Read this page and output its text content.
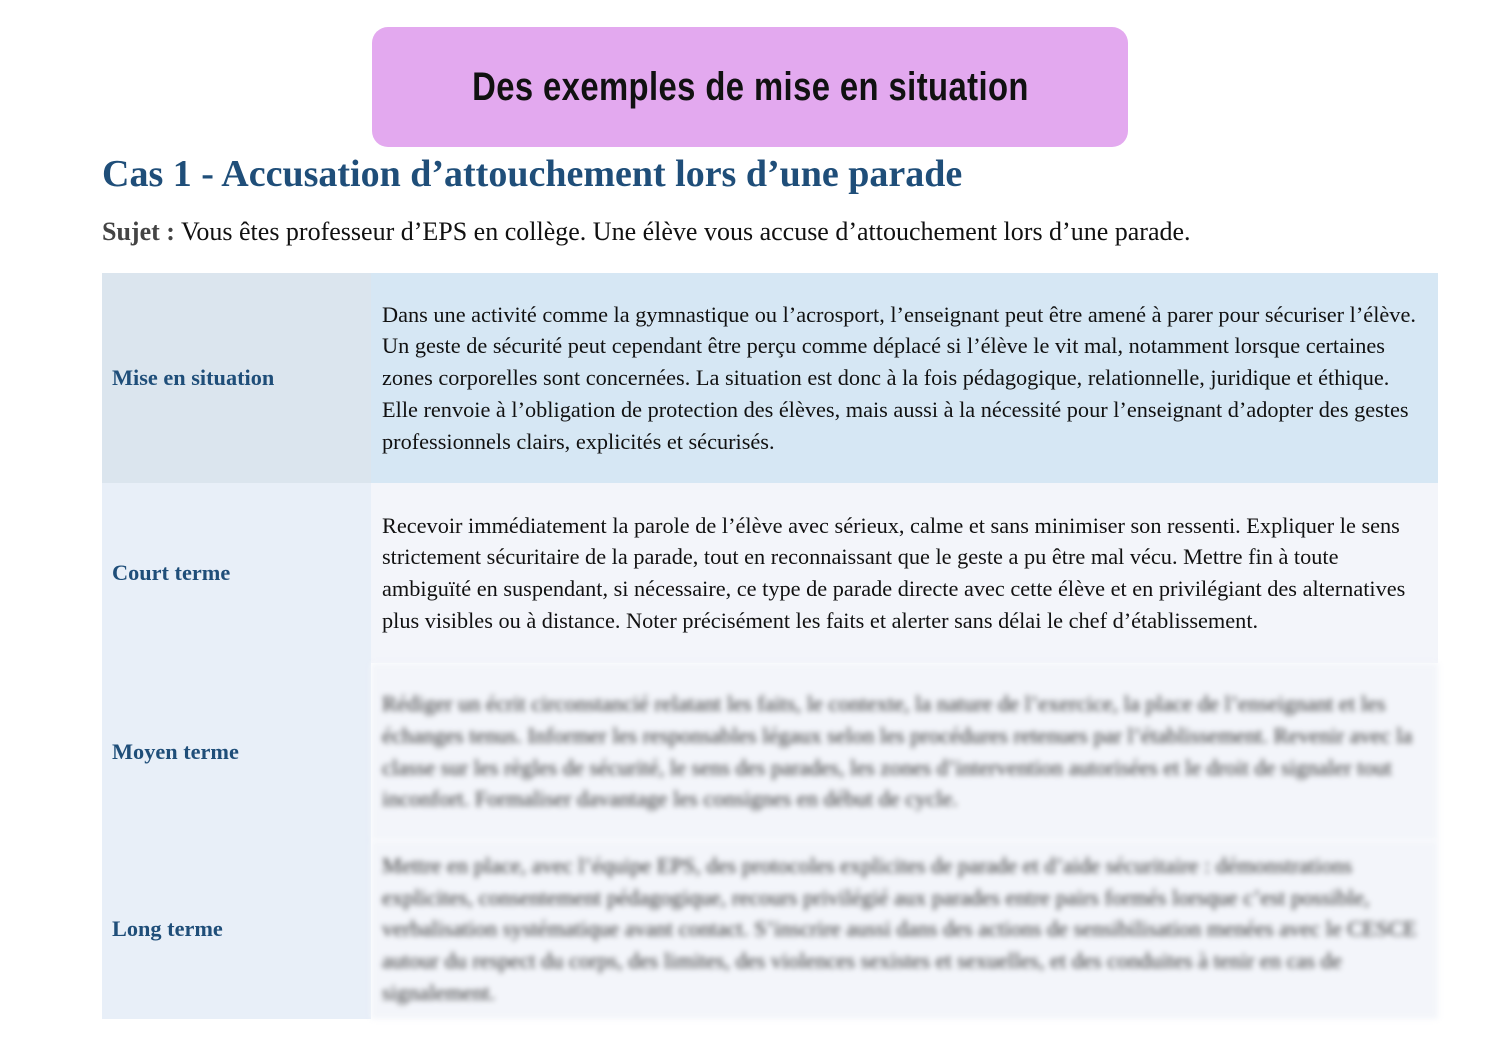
Des exemples de mise en situation
Cas 1 - Accusation d’attouchement lors d’une parade
Sujet : Vous êtes professeur d’EPS en collège. Une élève vous accuse d’attouchement lors d’une parade.
Mise en situation	Dans une activité comme la gymnastique ou l’acrosport, l’enseignant peut être amené à parer pour sécuriser l’élève. Un geste de sécurité peut cependant être perçu comme déplacé si l’élève le vit mal, notamment lorsque certaines zones corporelles sont concernées. La situation est donc à la fois pédagogique, relationnelle, juridique et éthique. Elle renvoie à l’obligation de protection des élèves, mais aussi à la nécessité pour l’enseignant d’adopter des gestes professionnels clairs, explicités et sécurisés.
Court terme	Recevoir immédiatement la parole de l’élève avec sérieux, calme et sans minimiser son ressenti. Expliquer le sens strictement sécuritaire de la parade, tout en reconnaissant que le geste a pu être mal vécu. Mettre fin à toute ambiguïté en suspendant, si nécessaire, ce type de parade directe avec cette élève et en privilégiant des alternatives plus visibles ou à distance. Noter précisément les faits et alerter sans délai le chef d’établissement.
Moyen terme	Rédiger un écrit circonstancié relatant les faits, le contexte, la nature de l’exercice, la place de l’enseignant et les échanges tenus. Informer les responsables légaux selon les procédures retenues par l’établissement. Revenir avec la classe sur les règles de sécurité, le sens des parades, les zones d’intervention autorisées et le droit de signaler tout inconfort. Formaliser davantage les consignes en début de cycle.
Long terme	Mettre en place, avec l’équipe EPS, des protocoles explicites de parade et d’aide sécuritaire : démonstrations explicites, consentement pédagogique, recours privilégié aux parades entre pairs formés lorsque c’est possible, verbalisation systématique avant contact. S’inscrire aussi dans des actions de sensibilisation menées avec le CESCE autour du respect du corps, des limites, des violences sexistes et sexuelles, et des conduites à tenir en cas de signalement.
